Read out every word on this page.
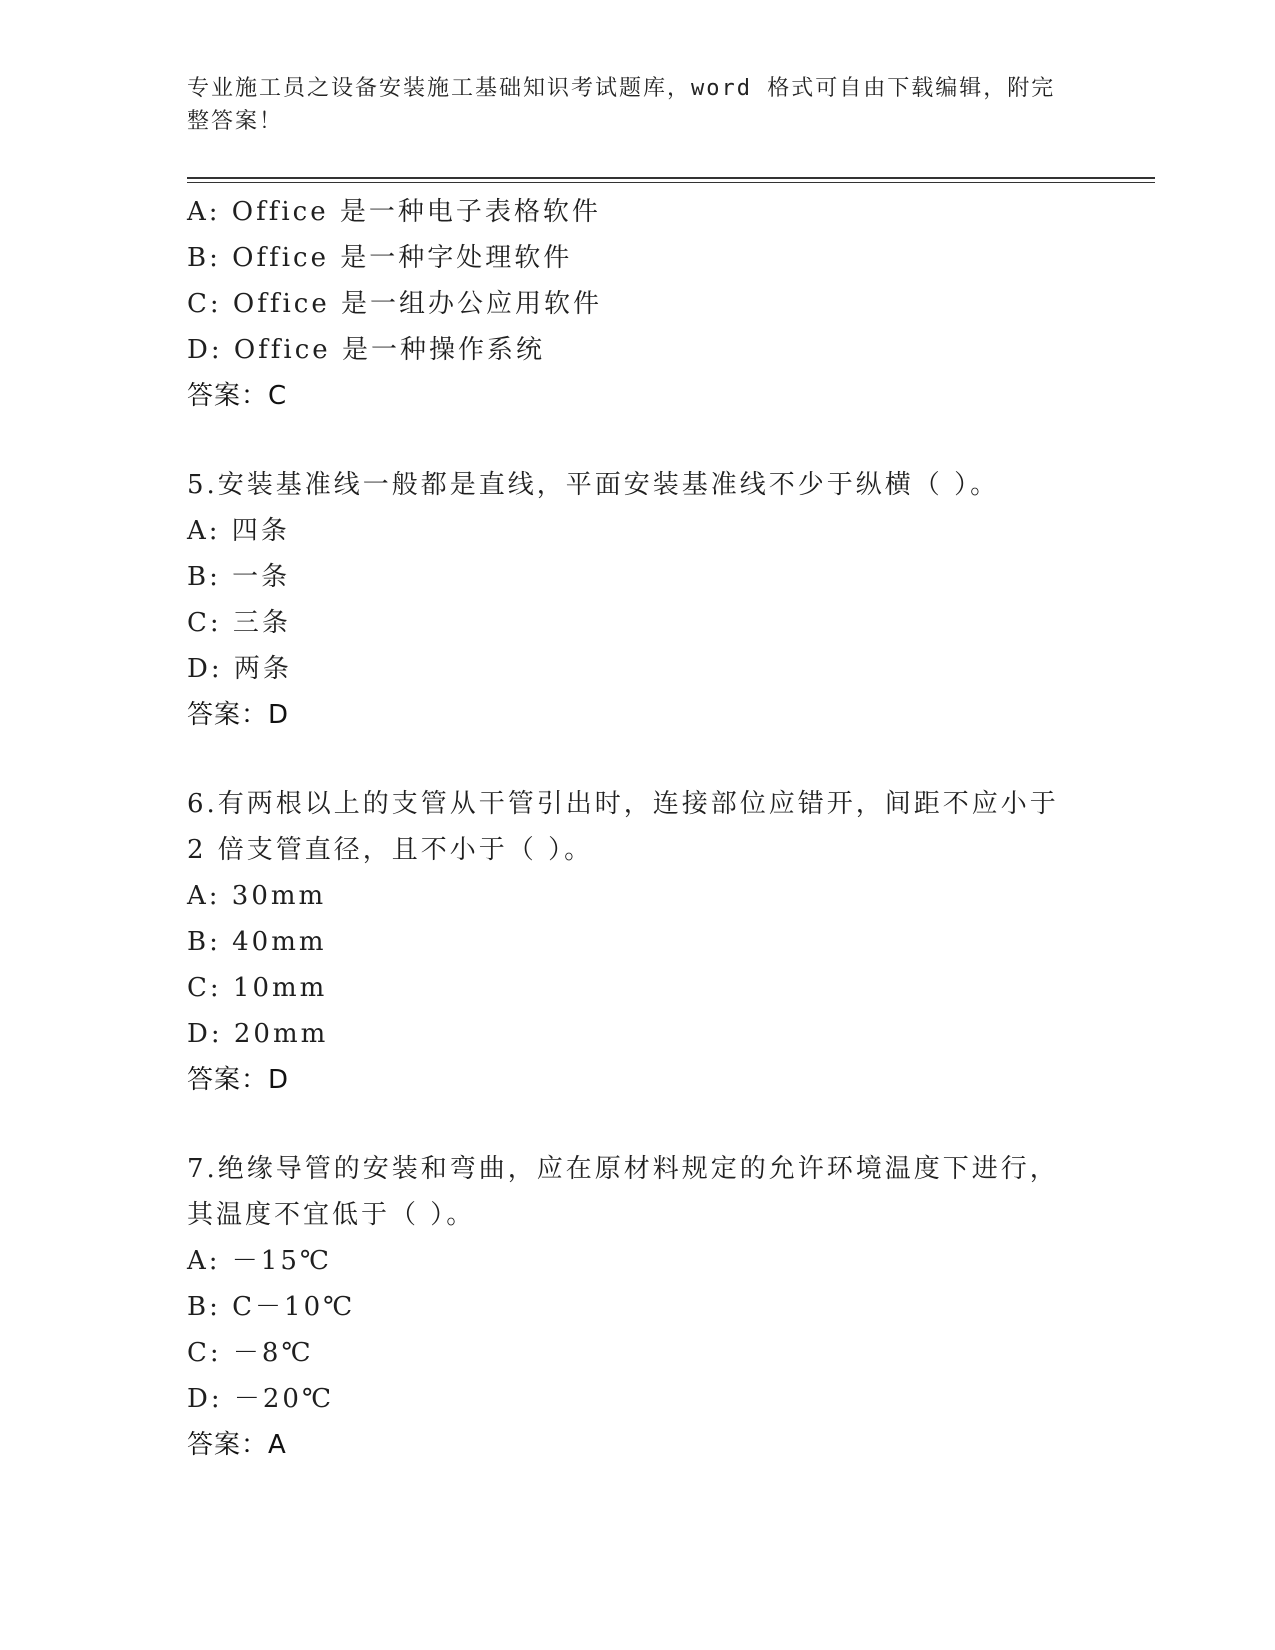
专业施工员之设备安装施工基础知识考试题库，word 格式可自由下载编辑，附完
整答案！
A: Office 是一种电子表格软件
B: Office 是一种字处理软件
C: Office 是一组办公应用软件
D: Office 是一种操作系统
答案：C
5.安装基准线一般都是直线，平面安装基准线不少于纵横（ ）。
A: 四条
B: 一条
C: 三条
D: 两条
答案：D
6.有两根以上的支管从干管引出时，连接部位应错开，间距不应小于
2 倍支管直径，且不小于（ ）。
A: 30mm
B: 40mm
C: 10mm
D: 20mm
答案：D
7.绝缘导管的安装和弯曲，应在原材料规定的允许环境温度下进行，
其温度不宜低于（ ）。
A: －15℃
B: C－10℃
C: －8℃
D: －20℃
答案：A
